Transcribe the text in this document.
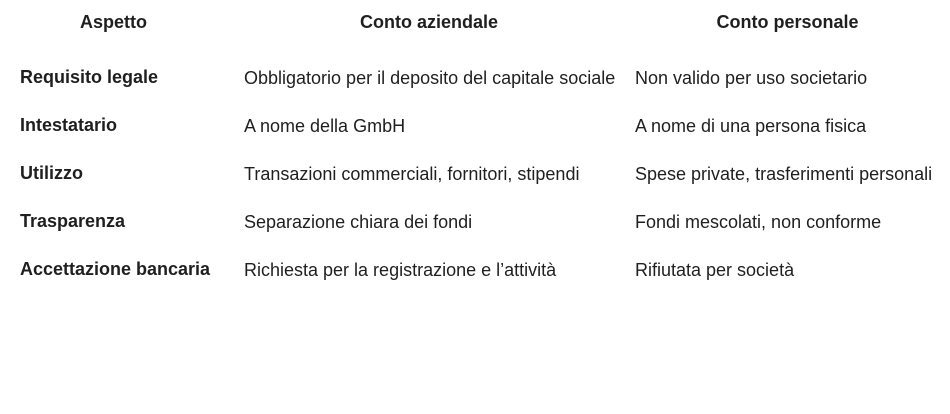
Aspetto	Conto aziendale	Conto personale
Requisito legale	Obbligatorio per il deposito del capitale sociale	Non valido per uso societario
Intestatario	A nome della GmbH	A nome di una persona fisica
Utilizzo	Transazioni commerciali, fornitori, stipendi	Spese private, trasferimenti personali
Trasparenza	Separazione chiara dei fondi	Fondi mescolati, non conforme
Accettazione bancaria	Richiesta per la registrazione e l’attività	Rifiutata per società
